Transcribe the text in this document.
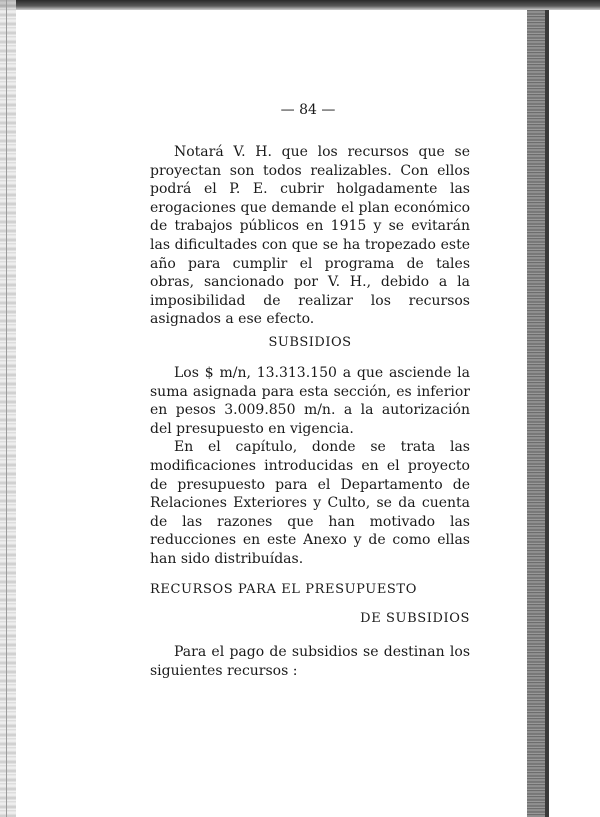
— 84 —

Notará V. H. que los recursos que se proyectan son todos realizables. Con ellos podrá el P. E. cubrir holgadamente las erogaciones que demande el plan económico de trabajos públicos en 1915 y se evitarán las dificultades con que se ha tropezado este año para cumplir el programa de tales obras, sancionado por V. H., debido a la imposibilidad de realizar los recursos asignados a ese efecto.

SUBSIDIOS

Los $ m/n, 13.313.150 a que asciende la suma asignada para esta sección, es inferior en pesos 3.009.850 m/n. a la autorización del presupuesto en vigencia.

En el capítulo, donde se trata las modificaciones introducidas en el proyecto de presupuesto para el Departamento de Relaciones Exteriores y Culto, se da cuenta de las razones que han motivado las reducciones en este Anexo y de como ellas han sido distribuídas.

RECURSOS PARA EL PRESUPUESTO
DE SUBSIDIOS

Para el pago de subsidios se destinan los siguientes recursos :
